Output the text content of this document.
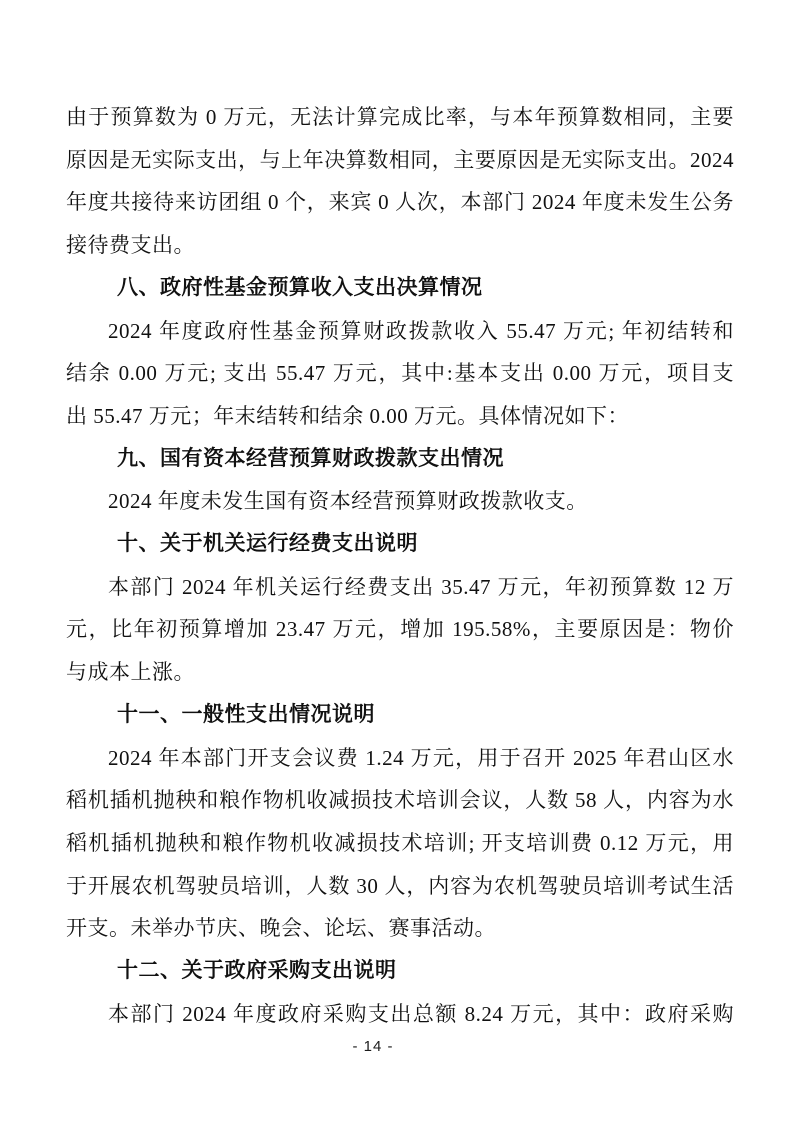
由于预算数为 0 万元，无法计算完成比率，与本年预算数相同，主要
原因是无实际支出，与上年决算数相同，主要原因是无实际支出。2024
年度共接待来访团组 0 个，来宾 0 人次，本部门 2024 年度未发生公务
接待费支出。
八、政府性基金预算收入支出决算情况
2024 年度政府性基金预算财政拨款收入 55.47 万元; 年初结转和
结余 0.00 万元; 支出 55.47 万元，其中:基本支出 0.00 万元，项目支
出 55.47 万元；年末结转和结余 0.00 万元。具体情况如下：
九、国有资本经营预算财政拨款支出情况
2024 年度未发生国有资本经营预算财政拨款收支。
十、关于机关运行经费支出说明
本部门 2024 年机关运行经费支出 35.47 万元，年初预算数 12 万
元，比年初预算增加 23.47 万元，增加 195.58%，主要原因是：物价
与成本上涨。
十一、一般性支出情况说明
2024 年本部门开支会议费 1.24 万元，用于召开 2025 年君山区水
稻机插机抛秧和粮作物机收减损技术培训会议，人数 58 人，内容为水
稻机插机抛秧和粮作物机收减损技术培训; 开支培训费 0.12 万元，用
于开展农机驾驶员培训，人数 30 人，内容为农机驾驶员培训考试生活
开支。未举办节庆、晚会、论坛、赛事活动。
十二、关于政府采购支出说明
本部门 2024 年度政府采购支出总额 8.24 万元，其中：政府采购
- 14 -
